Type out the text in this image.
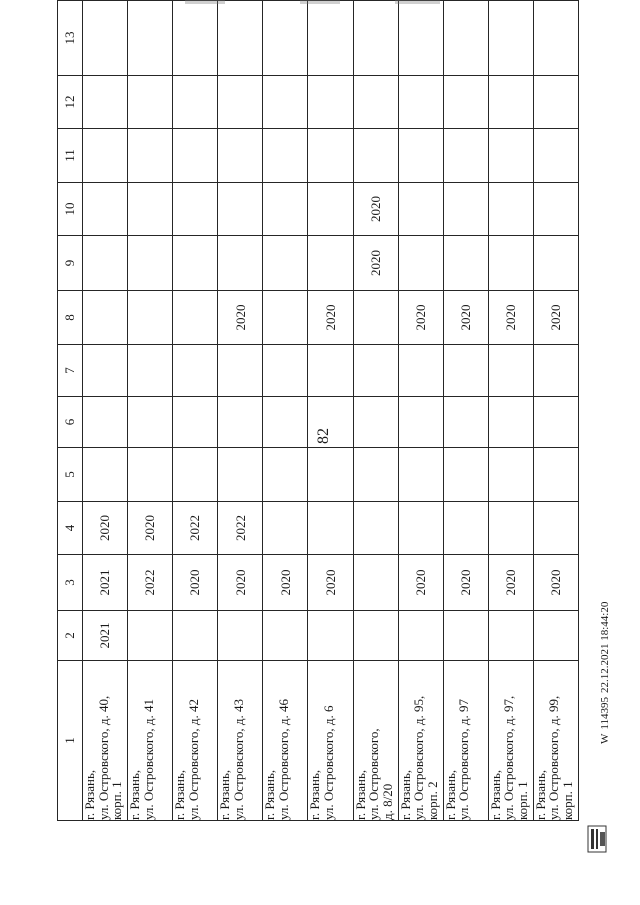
82
1	2	3	4	5	6	7	8	9	10	11	12	13

г. Рязань,
ул. Островского, д. 40,
корп. 1	2021	2021	2020									

г. Рязань,
ул. Островского, д. 41		2022	2020									

г. Рязань,
ул. Островского, д. 42		2020	2022									

г. Рязань,
ул. Островского, д. 43		2020	2022				2020					

г. Рязань,
ул. Островского, д. 46		2020										

г. Рязань,
ул. Островского, д. 6		2020					2020					

г. Рязань,
ул. Островского,
д. 8/20								2020	2020			

г. Рязань,
ул. Островского, д. 95,
корп. 2		2020					2020					

г. Рязань,
ул. Островского, д. 97		2020					2020					

г. Рязань,
ул. Островского, д. 97,
корп. 1		2020					2020					

г. Рязань,
ул. Островского, д. 99,
корп. 1		2020					2020					
W
114395
22.12.2021 18:44:20
